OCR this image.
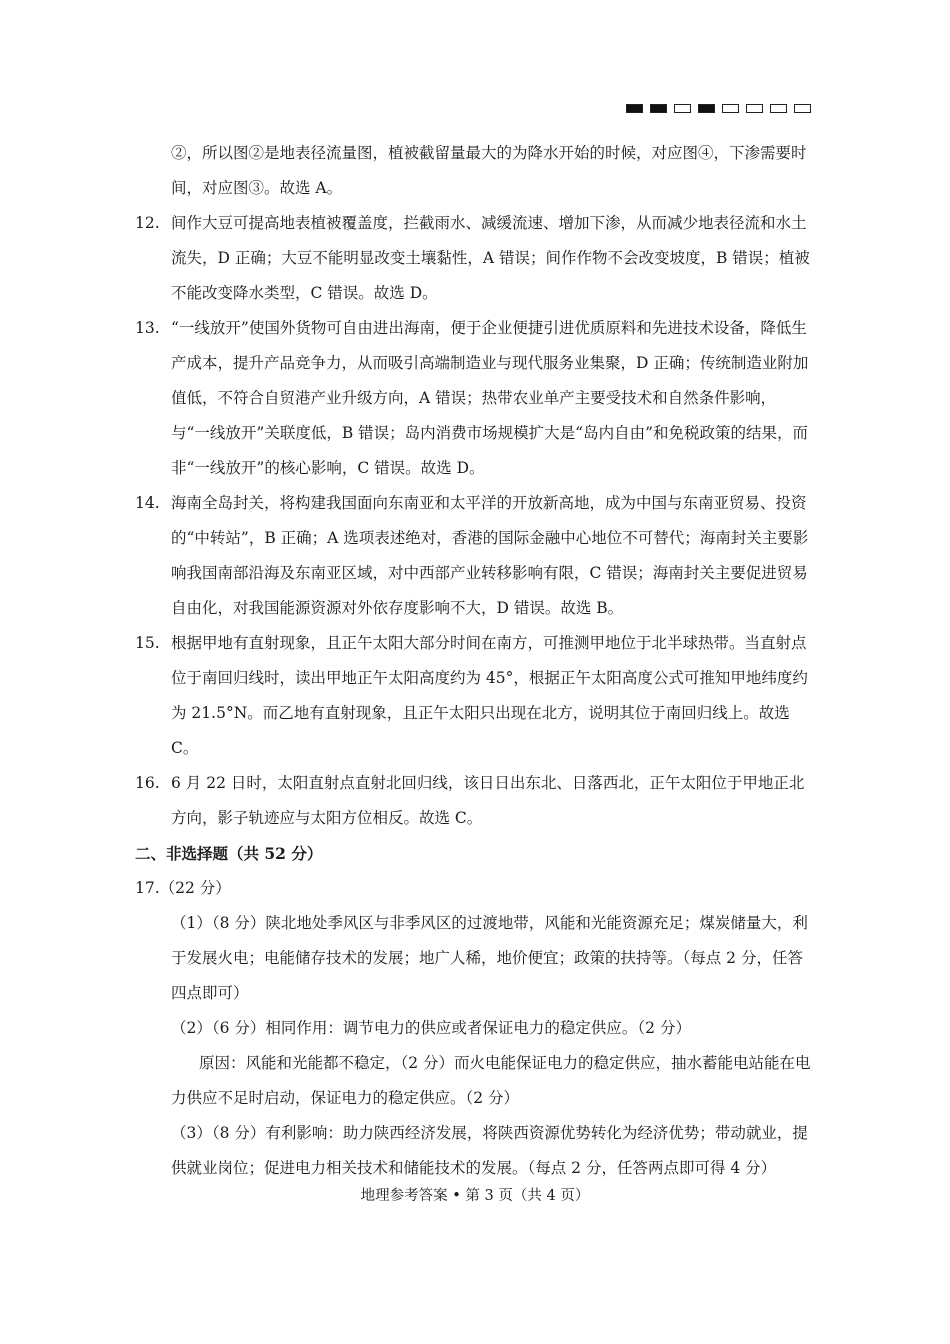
②，所以图②是地表径流量图，植被截留量最大的为降水开始的时候，对应图④，下渗需要时间，对应图③。故选 A。
12. 间作大豆可提高地表植被覆盖度，拦截雨水、减缓流速、增加下渗，从而减少地表径流和水土流失，D 正确；大豆不能明显改变土壤黏性，A 错误；间作作物不会改变坡度，B 错误；植被不能改变降水类型，C 错误。故选 D。
13. “一线放开”使国外货物可自由进出海南，便于企业便捷引进优质原料和先进技术设备，降低生产成本，提升产品竞争力，从而吸引高端制造业与现代服务业集聚，D 正确；传统制造业附加值低，不符合自贸港产业升级方向，A 错误；热带农业单产主要受技术和自然条件影响，与“一线放开”关联度低，B 错误；岛内消费市场规模扩大是“岛内自由”和免税政策的结果，而非“一线放开”的核心影响，C 错误。故选 D。
14. 海南全岛封关，将构建我国面向东南亚和太平洋的开放新高地，成为中国与东南亚贸易、投资的“中转站”，B 正确；A 选项表述绝对，香港的国际金融中心地位不可替代；海南封关主要影响我国南部沿海及东南亚区域，对中西部产业转移影响有限，C 错误；海南封关主要促进贸易自由化，对我国能源资源对外依存度影响不大，D 错误。故选 B。
15. 根据甲地有直射现象，且正午太阳大部分时间在南方，可推测甲地位于北半球热带。当直射点位于南回归线时，读出甲地正午太阳高度约为 45°，根据正午太阳高度公式可推知甲地纬度约为 21.5°N。而乙地有直射现象，且正午太阳只出现在北方，说明其位于南回归线上。故选 C。
16. 6 月 22 日时，太阳直射点直射北回归线，该日日出东北、日落西北，正午太阳位于甲地正北方向，影子轨迹应与太阳方位相反。故选 C。
二、非选择题（共 52 分）
17.（22 分）
（1）（8 分）陕北地处季风区与非季风区的过渡地带，风能和光能资源充足；煤炭储量大，利于发展火电；电能储存技术的发展；地广人稀，地价便宜；政策的扶持等。（每点 2 分，任答四点即可）
（2）（6 分）相同作用：调节电力的供应或者保证电力的稳定供应。（2 分）
原因：风能和光能都不稳定，（2 分）而火电能保证电力的稳定供应，抽水蓄能电站能在电力供应不足时启动，保证电力的稳定供应。（2 分）
（3）（8 分）有利影响：助力陕西经济发展，将陕西资源优势转化为经济优势；带动就业，提供就业岗位；促进电力相关技术和储能技术的发展。（每点 2 分，任答两点即可得 4 分）
地理参考答案 • 第 3 页（共 4 页）
